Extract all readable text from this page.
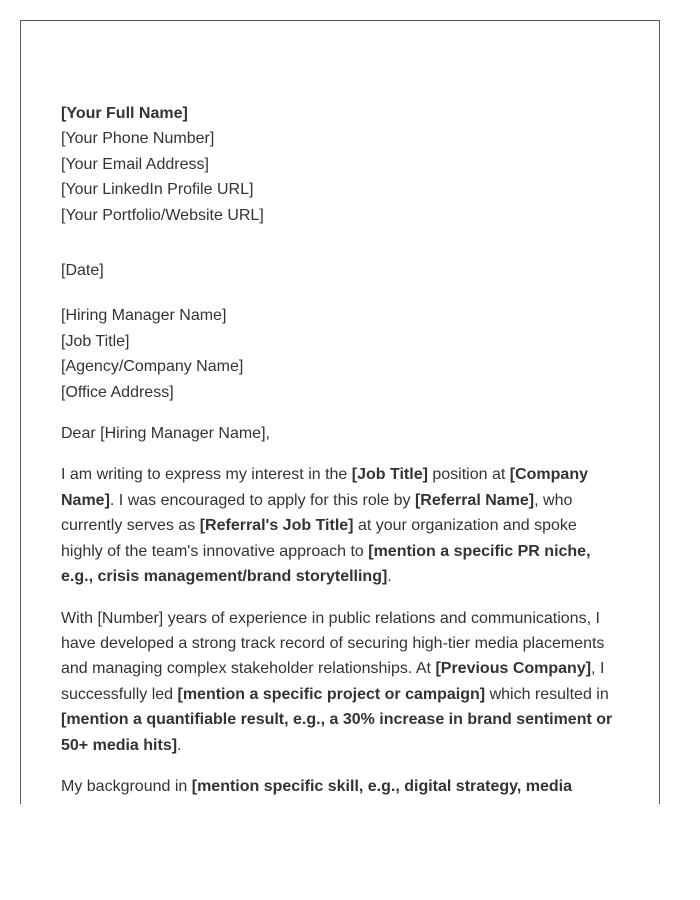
[Your Full Name]
[Your Phone Number]
[Your Email Address]
[Your LinkedIn Profile URL]
[Your Portfolio/Website URL]
[Date]
[Hiring Manager Name]
[Job Title]
[Agency/Company Name]
[Office Address]
Dear [Hiring Manager Name],

I am writing to express my interest in the [Job Title] position at [Company Name]. I was encouraged to apply for this role by [Referral Name], who currently serves as [Referral's Job Title] at your organization and spoke highly of the team's innovative approach to [mention a specific PR niche, e.g., crisis management/brand storytelling].

With [Number] years of experience in public relations and communications, I have developed a strong track record of securing high-tier media placements and managing complex stakeholder relationships. At [Previous Company], I successfully led [mention a specific project or campaign] which resulted in [mention a quantifiable result, e.g., a 30% increase in brand sentiment or 50+ media hits].

My background in [mention specific skill, e.g., digital strategy, media
